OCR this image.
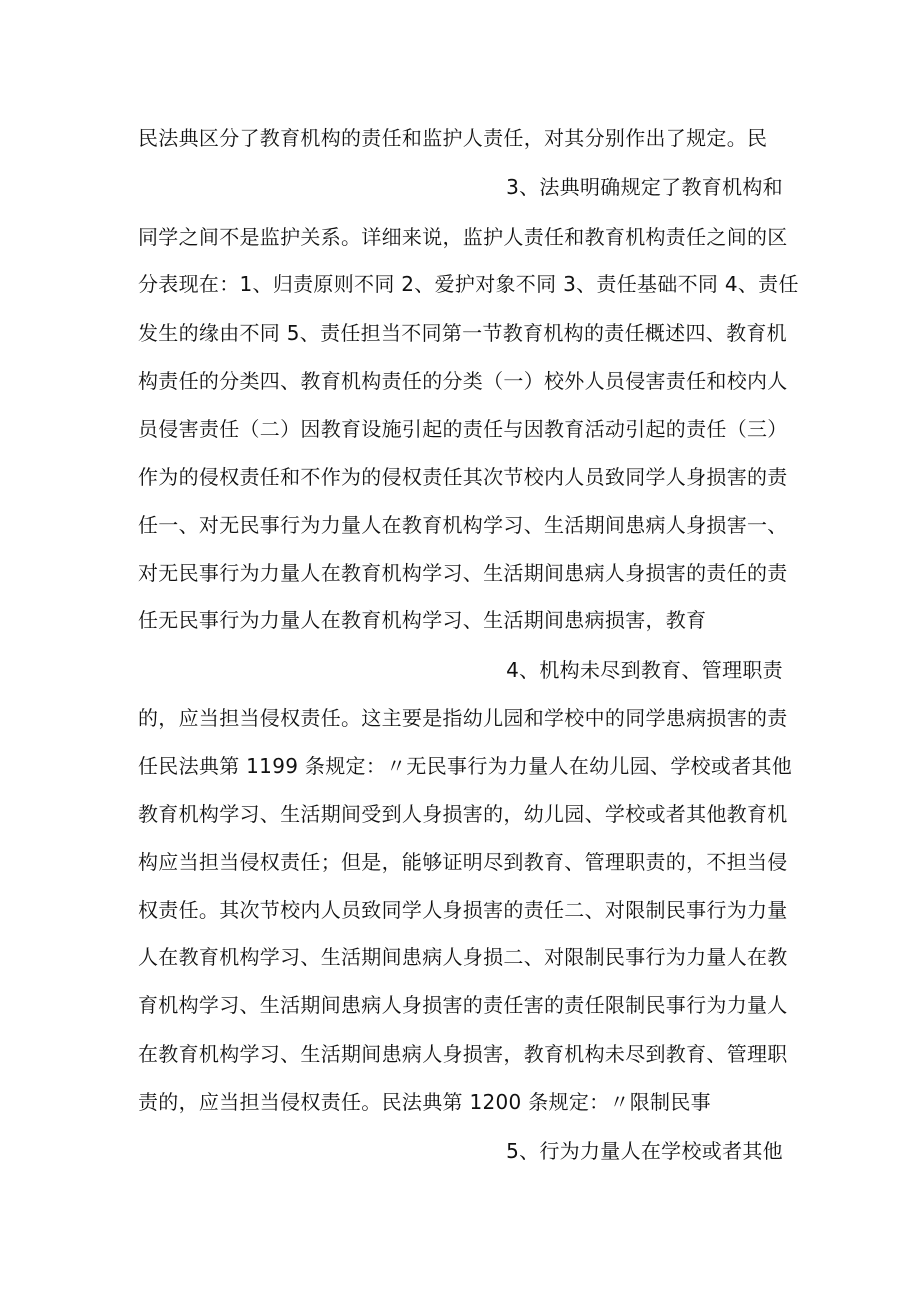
民法典区分了教育机构的责任和监护人责任，对其分别作出了规定。民
3、法典明确规定了教育机构和
同学之间不是监护关系。详细来说，监护人责任和教育机构责任之间的区
分表现在：1、归责原则不同 2、爱护对象不同 3、责任基础不同 4、责任
发生的缘由不同 5、责任担当不同第一节教育机构的责任概述四、教育机
构责任的分类四、教育机构责任的分类（一）校外人员侵害责任和校内人
员侵害责任（二）因教育设施引起的责任与因教育活动引起的责任（三）
作为的侵权责任和不作为的侵权责任其次节校内人员致同学人身损害的责
任一、对无民事行为力量人在教育机构学习、生活期间患病人身损害一、
对无民事行为力量人在教育机构学习、生活期间患病人身损害的责任的责
任无民事行为力量人在教育机构学习、生活期间患病损害，教育
4、机构未尽到教育、管理职责
的，应当担当侵权责任。这主要是指幼儿园和学校中的同学患病损害的责
任民法典第 1199 条规定：〃无民事行为力量人在幼儿园、学校或者其他
教育机构学习、生活期间受到人身损害的，幼儿园、学校或者其他教育机
构应当担当侵权责任；但是，能够证明尽到教育、管理职责的，不担当侵
权责任。其次节校内人员致同学人身损害的责任二、对限制民事行为力量
人在教育机构学习、生活期间患病人身损二、对限制民事行为力量人在教
育机构学习、生活期间患病人身损害的责任害的责任限制民事行为力量人
在教育机构学习、生活期间患病人身损害，教育机构未尽到教育、管理职
责的，应当担当侵权责任。民法典第 1200 条规定：〃限制民事
5、行为力量人在学校或者其他
